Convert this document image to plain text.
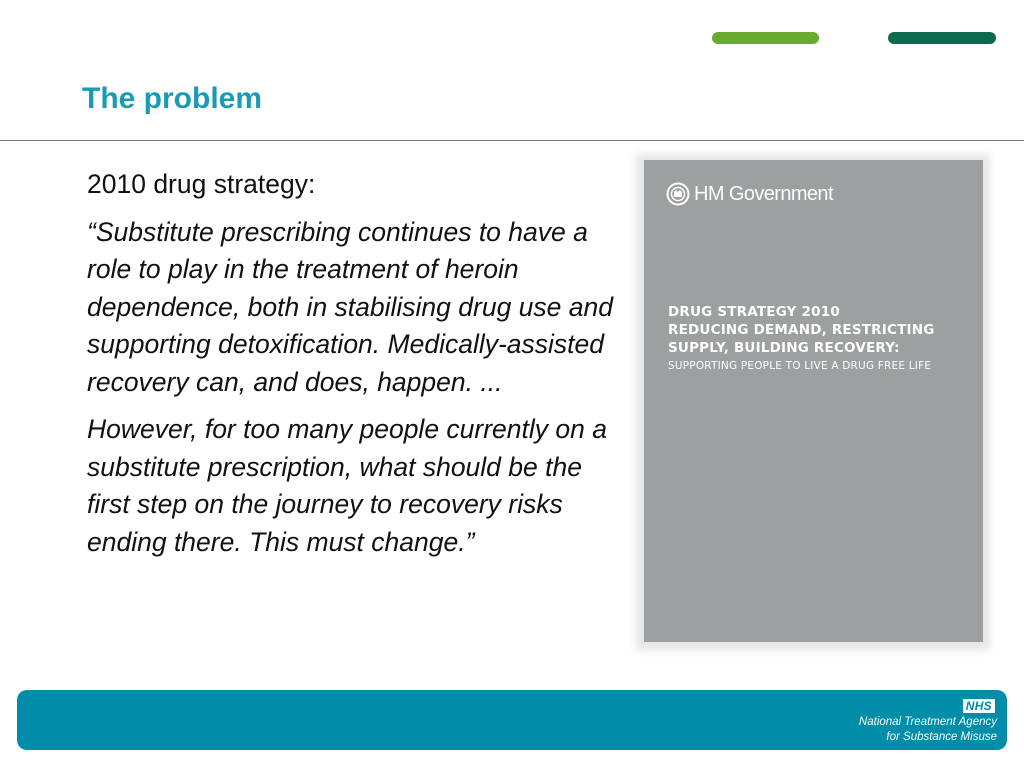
The problem

2010 drug strategy:

“Substitute prescribing continues to have a role to play in the treatment of heroin dependence, both in stabilising drug use and supporting detoxification. Medically-assisted recovery can, and does, happen. ...

However, for too many people currently on a substitute prescription, what should be the first step on the journey to recovery risks ending there. This must change.”

HM Government
DRUG STRATEGY 2010
REDUCING DEMAND, RESTRICTING
SUPPLY, BUILDING RECOVERY:
SUPPORTING PEOPLE TO LIVE A DRUG FREE LIFE
NHS
National Treatment Agency
for Substance Misuse
